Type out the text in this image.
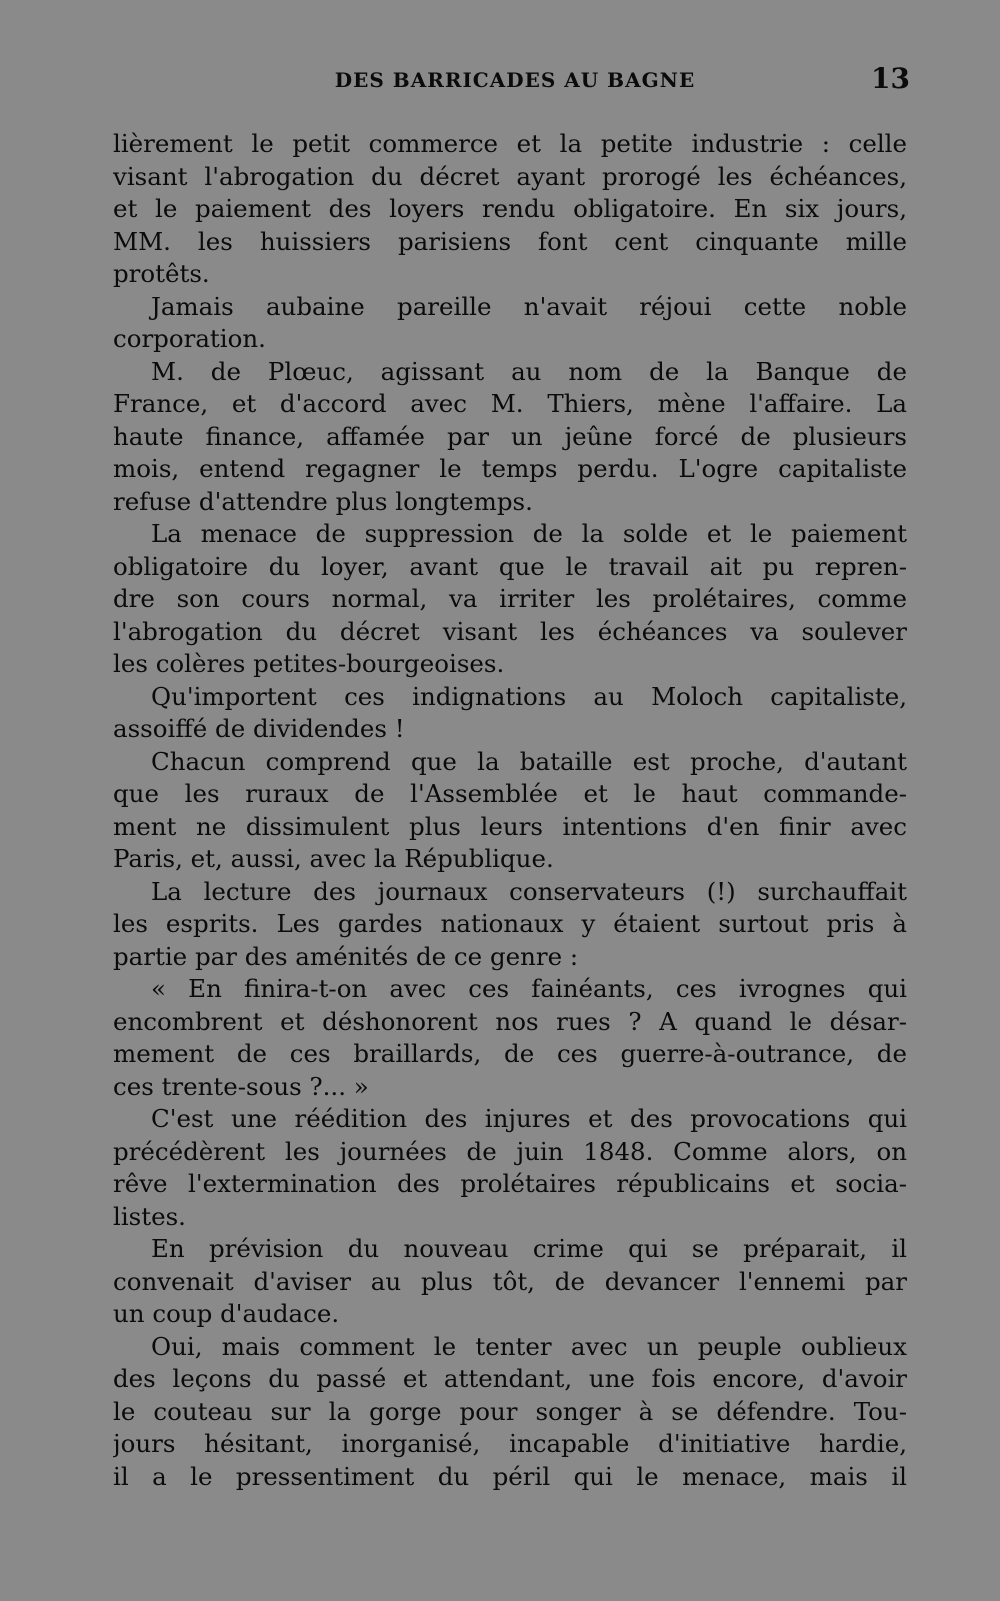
DES BARRICADES AU BAGNE	13
lièrement le petit commerce et la petite industrie : celle
visant l'abrogation du décret ayant prorogé les échéances,
et le paiement des loyers rendu obligatoire. En six jours,
MM. les huissiers parisiens font cent cinquante mille
protêts.
Jamais aubaine pareille n'avait réjoui cette noble
corporation.
M. de Plœuc, agissant au nom de la Banque de
France, et d'accord avec M. Thiers, mène l'affaire. La
haute finance, affamée par un jeûne forcé de plusieurs
mois, entend regagner le temps perdu. L'ogre capitaliste
refuse d'attendre plus longtemps.
La menace de suppression de la solde et le paiement
obligatoire du loyer, avant que le travail ait pu repren-
dre son cours normal, va irriter les prolétaires, comme
l'abrogation du décret visant les échéances va soulever
les colères petites-bourgeoises.
Qu'importent ces indignations au Moloch capitaliste,
assoiffé de dividendes !
Chacun comprend que la bataille est proche, d'autant
que les ruraux de l'Assemblée et le haut commande-
ment ne dissimulent plus leurs intentions d'en finir avec
Paris, et, aussi, avec la République.
La lecture des journaux conservateurs (!) surchauffait
les esprits. Les gardes nationaux y étaient surtout pris à
partie par des aménités de ce genre :
« En finira-t-on avec ces fainéants, ces ivrognes qui
encombrent et déshonorent nos rues ? A quand le désar-
mement de ces braillards, de ces guerre-à-outrance, de
ces trente-sous ?... »
C'est une réédition des injures et des provocations qui
précédèrent les journées de juin 1848. Comme alors, on
rêve l'extermination des prolétaires républicains et socia-
listes.
En prévision du nouveau crime qui se préparait, il
convenait d'aviser au plus tôt, de devancer l'ennemi par
un coup d'audace.
Oui, mais comment le tenter avec un peuple oublieux
des leçons du passé et attendant, une fois encore, d'avoir
le couteau sur la gorge pour songer à se défendre. Tou-
jours hésitant, inorganisé, incapable d'initiative hardie,
il a le pressentiment du péril qui le menace, mais il
